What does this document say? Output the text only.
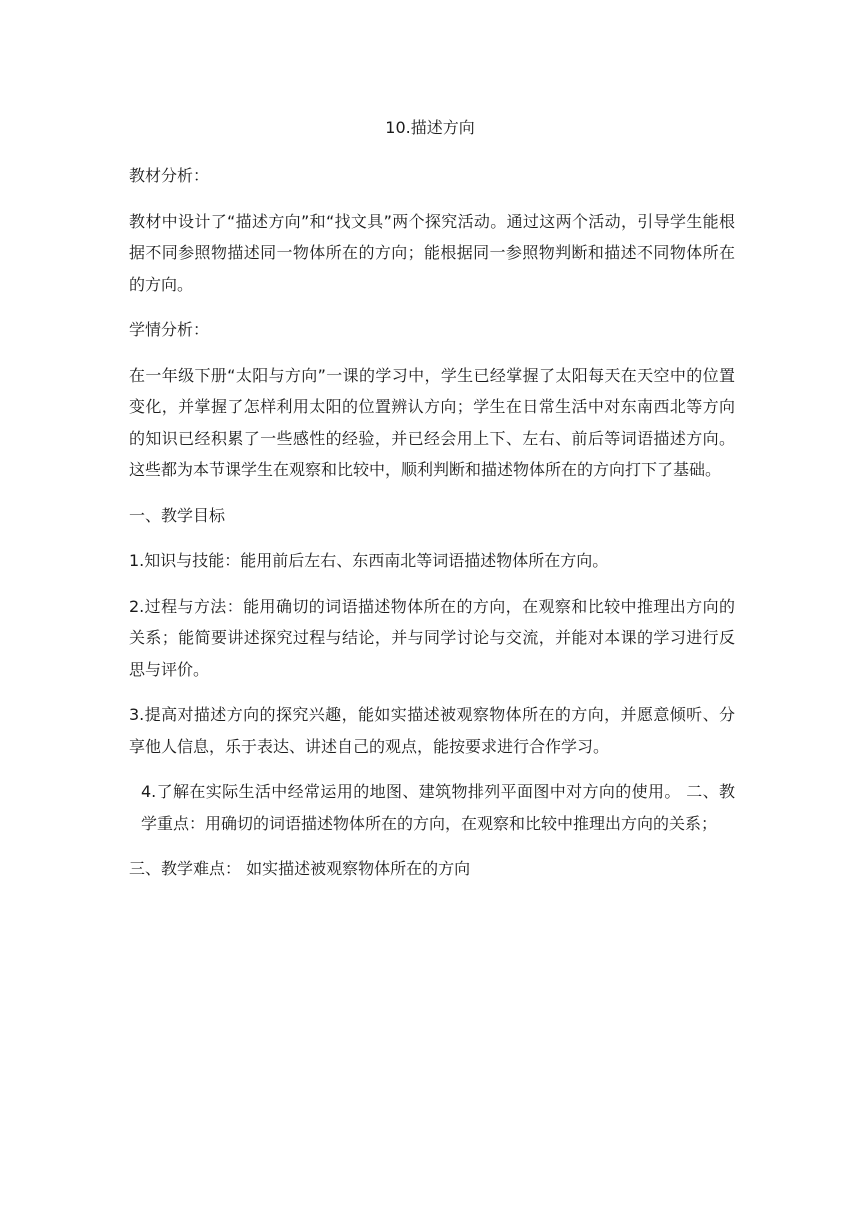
10.描述方向

教材分析：

教材中设计了“描述方向”和“找文具”两个探究活动。通过这两个活动，引导学生能根据不同参照物描述同一物体所在的方向；能根据同一参照物判断和描述不同物体所在的方向。

学情分析：

在一年级下册“太阳与方向”一课的学习中，学生已经掌握了太阳每天在天空中的位置变化，并掌握了怎样利用太阳的位置辨认方向；学生在日常生活中对东南西北等方向的知识已经积累了一些感性的经验，并已经会用上下、左右、前后等词语描述方向。这些都为本节课学生在观察和比较中，顺利判断和描述物体所在的方向打下了基础。

一、教学目标

1.知识与技能：能用前后左右、东西南北等词语描述物体所在方向。

2.过程与方法：能用确切的词语描述物体所在的方向，在观察和比较中推理出方向的关系；能简要讲述探究过程与结论，并与同学讨论与交流，并能对本课的学习进行反思与评价。

3.提高对描述方向的探究兴趣，能如实描述被观察物体所在的方向，并愿意倾听、分享他人信息，乐于表达、讲述自己的观点，能按要求进行合作学习。

4.了解在实际生活中经常运用的地图、建筑物排列平面图中对方向的使用。 二、教学重点：用确切的词语描述物体所在的方向，在观察和比较中推理出方向的关系；

三、教学难点： 如实描述被观察物体所在的方向
